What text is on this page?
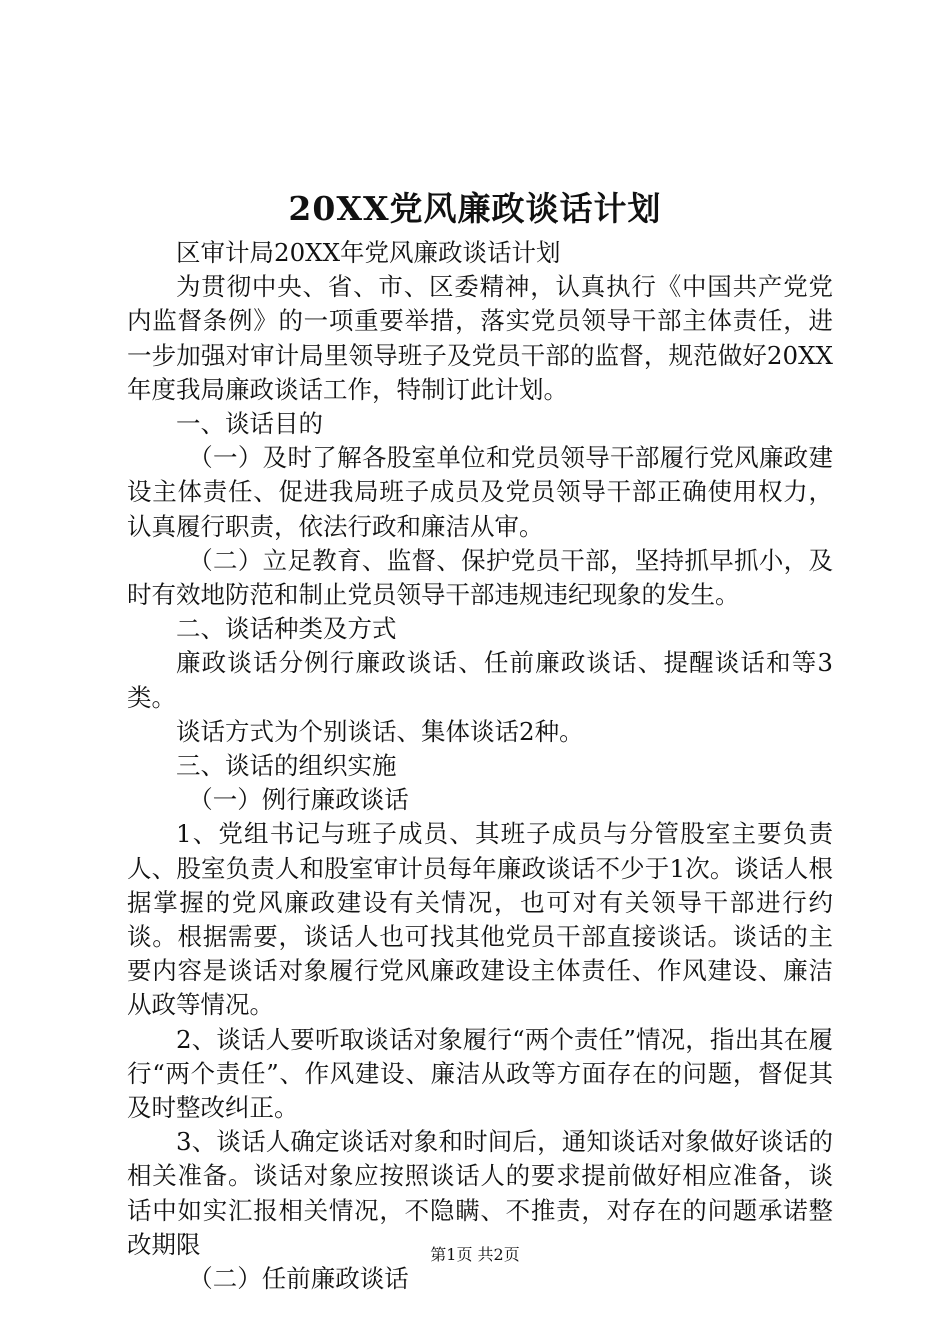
20XX党风廉政谈话计划

区审计局20XX年党风廉政谈话计划

为贯彻中央、省、市、区委精神，认真执行《中国共产党党内监督条例》的一项重要举措，落实党员领导干部主体责任，进一步加强对审计局里领导班子及党员干部的监督，规范做好20XX年度我局廉政谈话工作，特制订此计划。

一、谈话目的

（一）及时了解各股室单位和党员领导干部履行党风廉政建设主体责任、促进我局班子成员及党员领导干部正确使用权力，认真履行职责，依法行政和廉洁从审。

（二）立足教育、监督、保护党员干部，坚持抓早抓小，及时有效地防范和制止党员领导干部违规违纪现象的发生。

二、谈话种类及方式

廉政谈话分例行廉政谈话、任前廉政谈话、提醒谈话和等3类。

谈话方式为个别谈话、集体谈话2种。

三、谈话的组织实施

（一）例行廉政谈话

1、党组书记与班子成员、其班子成员与分管股室主要负责人、股室负责人和股室审计员每年廉政谈话不少于1次。谈话人根据掌握的党风廉政建设有关情况，也可对有关领导干部进行约谈。根据需要，谈话人也可找其他党员干部直接谈话。谈话的主要内容是谈话对象履行党风廉政建设主体责任、作风建设、廉洁从政等情况。

2、谈话人要听取谈话对象履行“两个责任”情况，指出其在履行“两个责任”、作风建设、廉洁从政等方面存在的问题，督促其及时整改纠正。

3、谈话人确定谈话对象和时间后，通知谈话对象做好谈话的相关准备。谈话对象应按照谈话人的要求提前做好相应准备，谈话中如实汇报相关情况，不隐瞒、不推责，对存在的问题承诺整改期限

（二）任前廉政谈话

第1页 共2页
